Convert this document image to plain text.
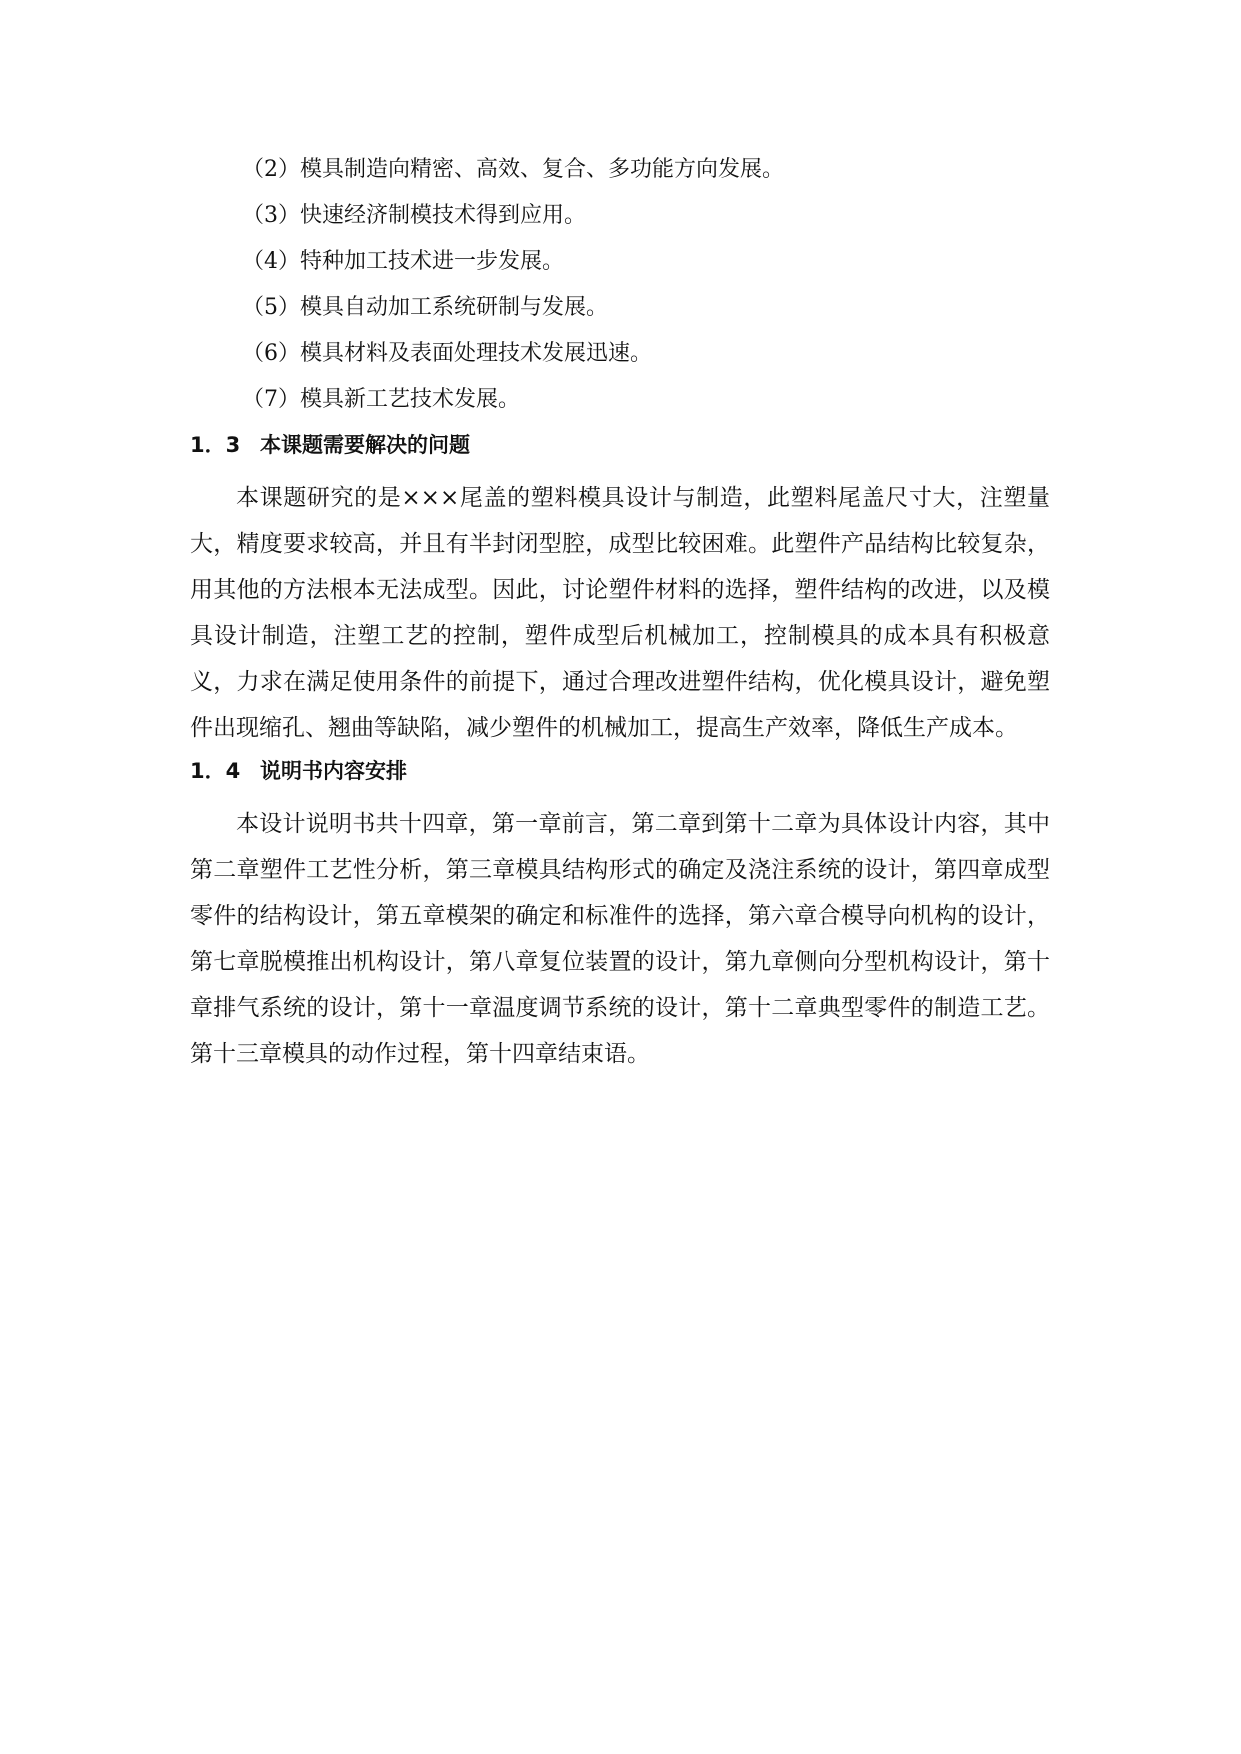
（2）模具制造向精密、高效、复合、多功能方向发展。
（3）快速经济制模技术得到应用。
（4）特种加工技术进一步发展。
（5）模具自动加工系统研制与发展。
（6）模具材料及表面处理技术发展迅速。
（7）模具新工艺技术发展。
1．3 本课题需要解决的问题

本课题研究的是×××尾盖的塑料模具设计与制造，此塑料尾盖尺寸大，注塑量大，精度要求较高，并且有半封闭型腔，成型比较困难。此塑件产品结构比较复杂，用其他的方法根本无法成型。因此，讨论塑件材料的选择，塑件结构的改进，以及模具设计制造，注塑工艺的控制，塑件成型后机械加工，控制模具的成本具有积极意义，力求在满足使用条件的前提下，通过合理改进塑件结构，优化模具设计，避免塑件出现缩孔、翘曲等缺陷，减少塑件的机械加工，提高生产效率，降低生产成本。

1．4 说明书内容安排

本设计说明书共十四章，第一章前言，第二章到第十二章为具体设计内容，其中第二章塑件工艺性分析，第三章模具结构形式的确定及浇注系统的设计，第四章成型零件的结构设计，第五章模架的确定和标准件的选择，第六章合模导向机构的设计，第七章脱模推出机构设计，第八章复位装置的设计，第九章侧向分型机构设计，第十章排气系统的设计，第十一章温度调节系统的设计，第十二章典型零件的制造工艺。第十三章模具的动作过程，第十四章结束语。
